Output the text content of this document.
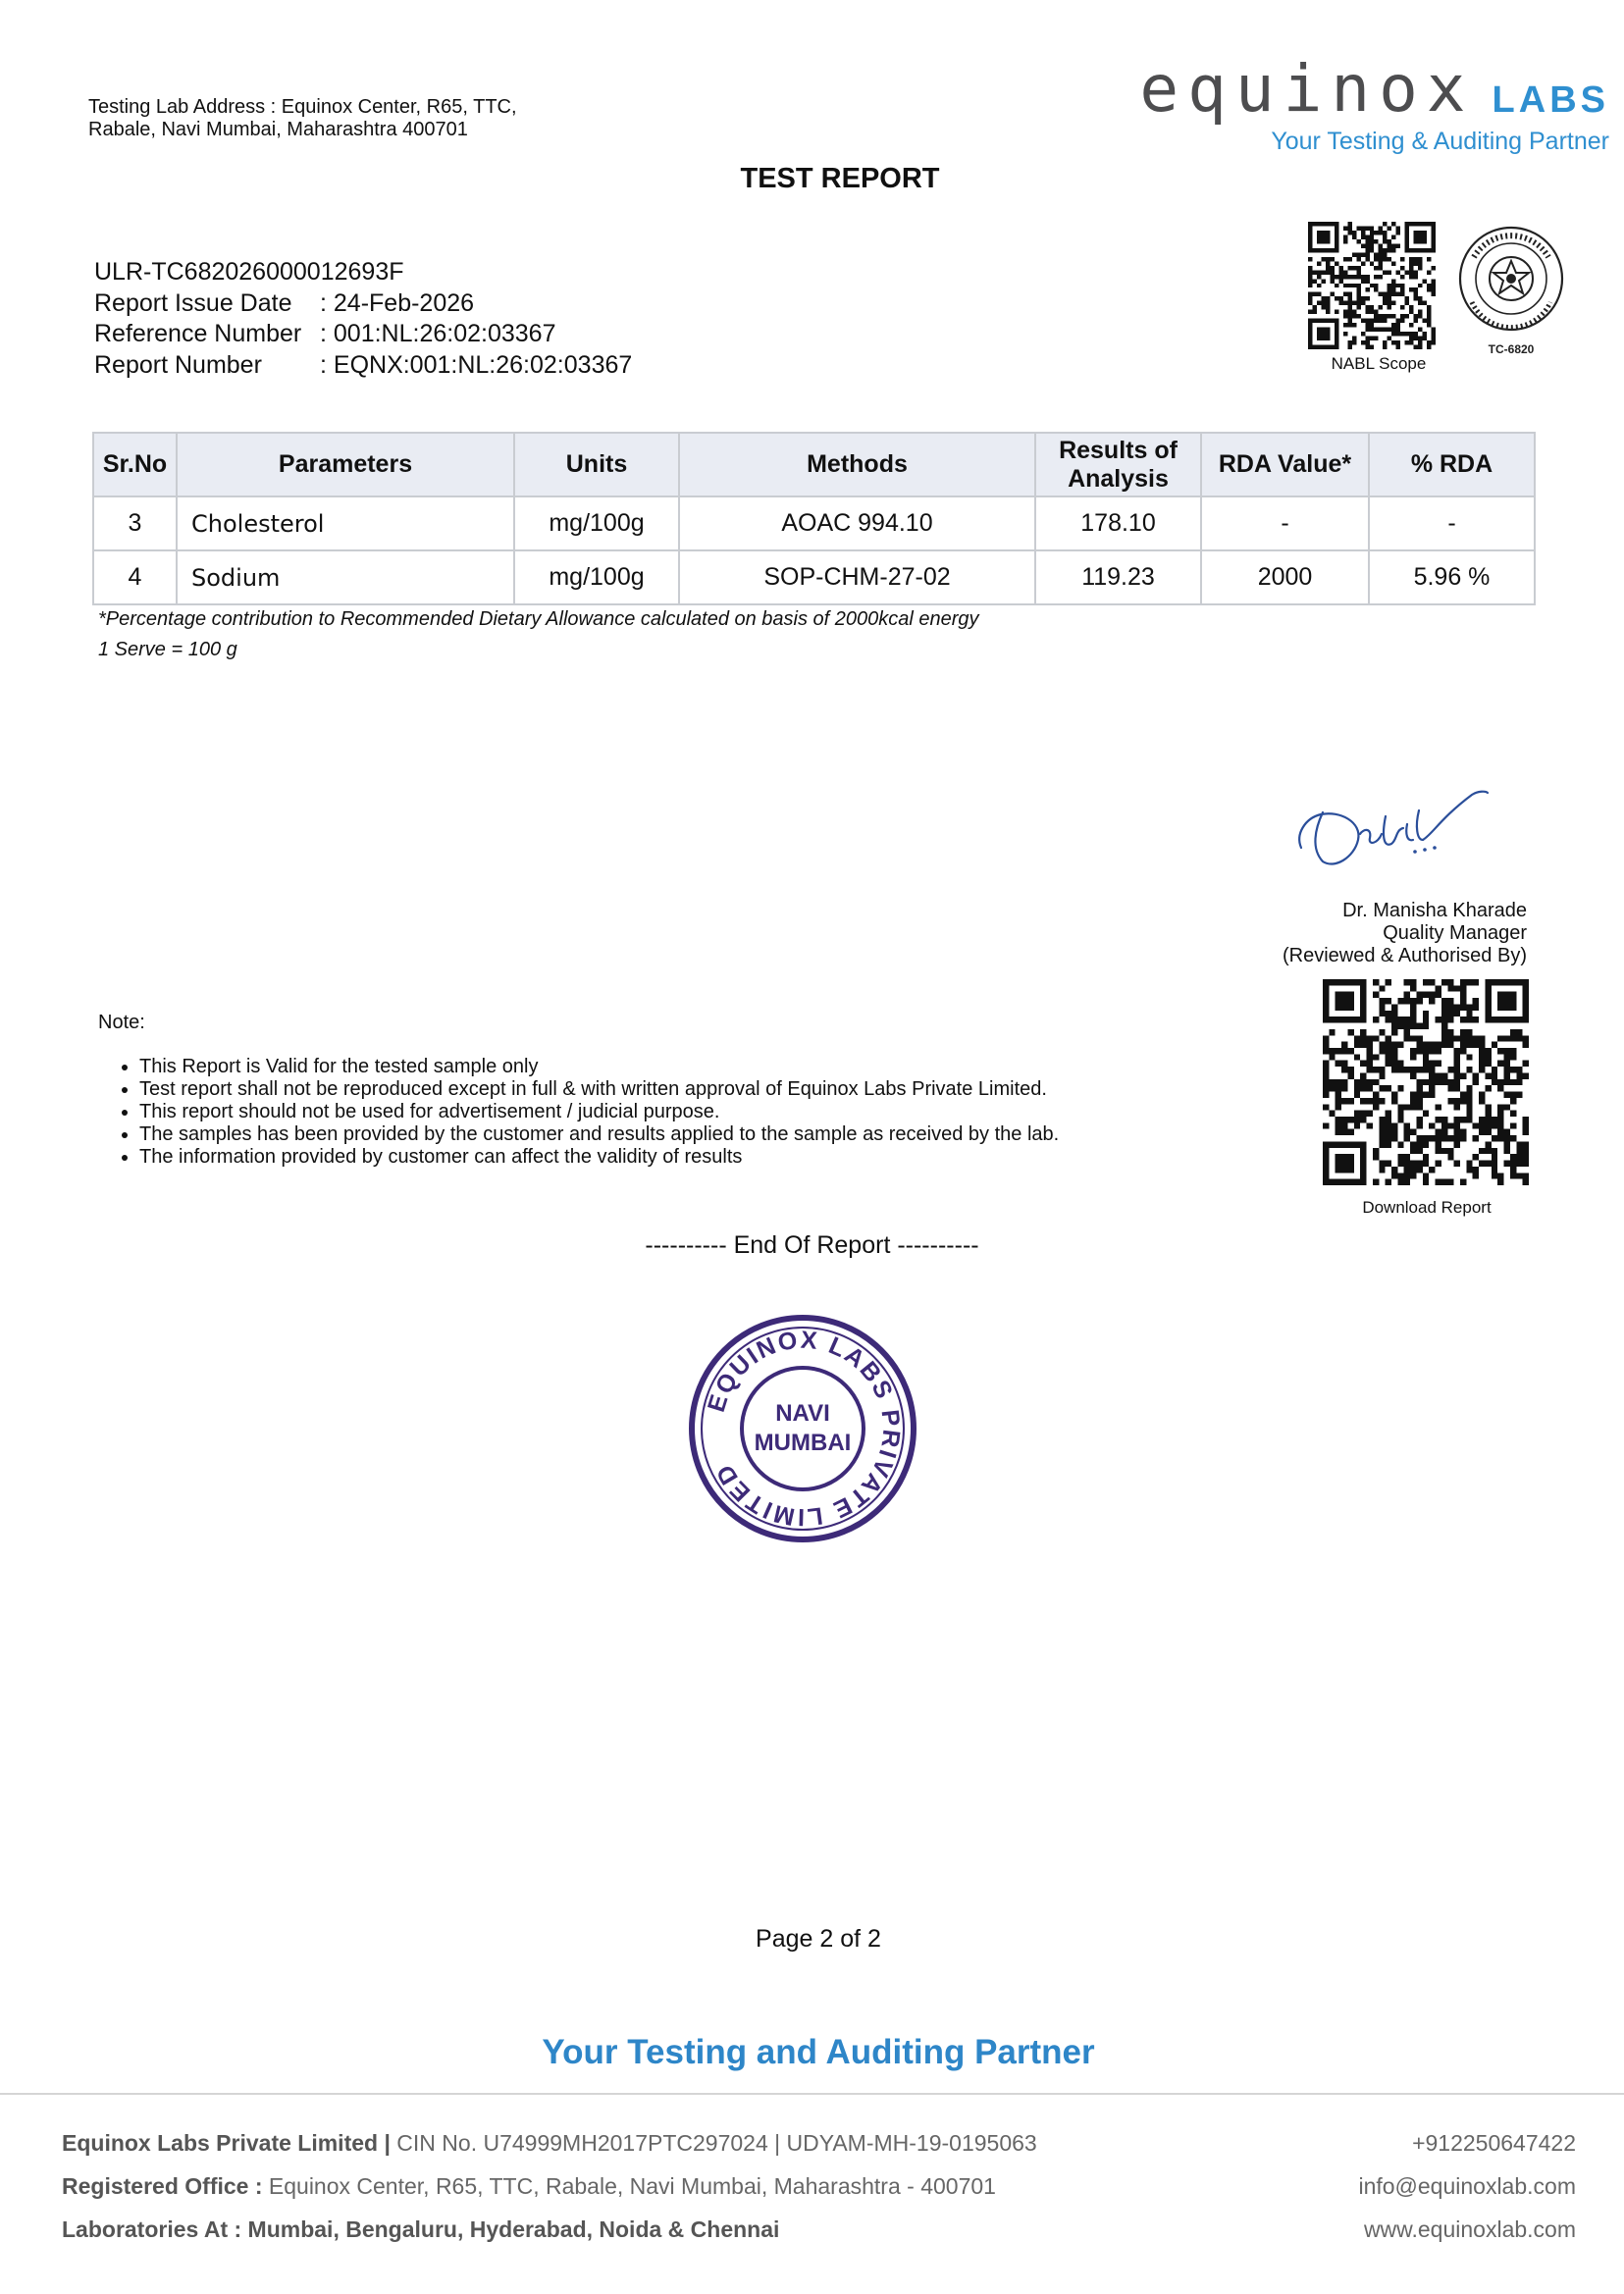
Testing Lab Address : Equinox Center, R65, TTC, Rabale, Navi Mumbai, Maharashtra 400701
TEST REPORT
equinox LABS
Your Testing & Auditing Partner
ULR-TC682026000012693F
Report Issue Date	: 24-Feb-2026
Reference Number : 001:NL:26:02:03367
Report Number	: EQNX:001:NL:26:02:03367	NABL Scope
TC-6820
Sr.No	Parameters	Units	Methods	Results of Analysis	RDA Value*	% RDA
3	Cholesterol	mg/100g	AOAC 994.10	178.10	-	-
4	Sodium	mg/100g	SOP-CHM-27-02	119.23	2000	5.96 %
*Percentage contribution to Recommended Dietary Allowance calculated on basis of 2000kcal energy
1 Serve = 100 g
Dr. Manisha Kharade
Quality Manager
(Reviewed & Authorised By)
Note:
• This Report is Valid for the tested sample only
• Test report shall not be reproduced except in full & with written approval of Equinox Labs Private Limited.
• This report should not be used for advertisement / judicial purpose.
• The samples has been provided by the customer and results applied to the sample as received by the lab.
• The information provided by customer can affect the validity of results
Download Report
---------- End Of Report ----------
EQUINOX LABS PRIVATE LIMITED
NAVI
MUMBAI
Page 2 of 2
Your Testing and Auditing Partner
Equinox Labs Private Limited | CIN No. U74999MH2017PTC297024 | UDYAM-MH-19-0195063
Registered Office : Equinox Center, R65, TTC, Rabale, Navi Mumbai, Maharashtra - 400701
Laboratories At : Mumbai, Bengaluru, Hyderabad, Noida & Chennai
+912250647422
info@equinoxlab.com
www.equinoxlab.com
